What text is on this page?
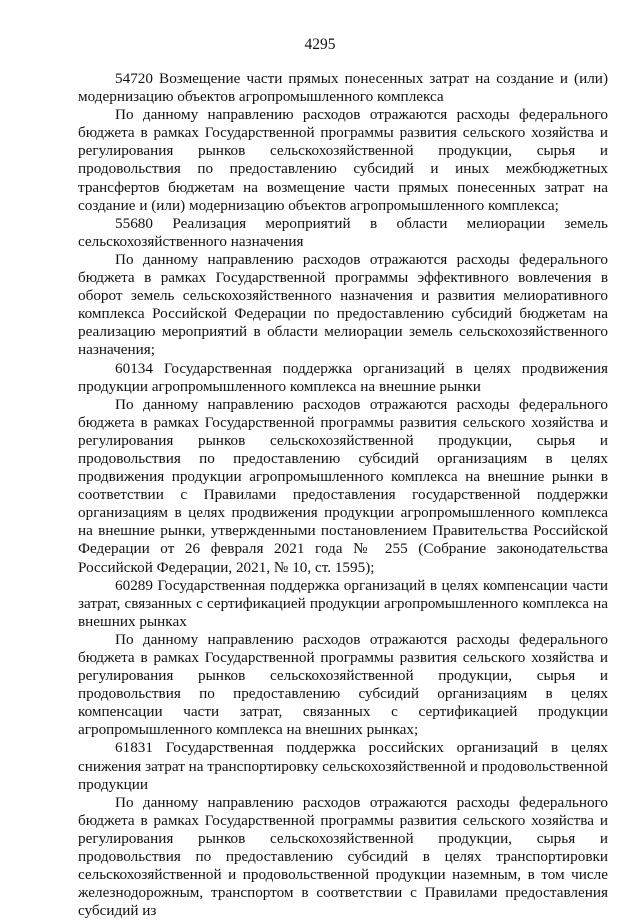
4295

54720 Возмещение части прямых понесенных затрат на создание и (или) модернизацию объектов агропромышленного комплекса

По данному направлению расходов отражаются расходы федерального бюджета в рамках Государственной программы развития сельского хозяйства и регулирования рынков сельскохозяйственной продукции, сырья и продовольствия по предоставлению субсидий и иных межбюджетных трансфертов бюджетам на возмещение части прямых понесенных затрат на создание и (или) модернизацию объектов агропромышленного комплекса;

55680 Реализация мероприятий в области мелиорации земель сельскохозяйственного назначения

По данному направлению расходов отражаются расходы федерального бюджета в рамках Государственной программы эффективного вовлечения в оборот земель сельскохозяйственного назначения и развития мелиоративного комплекса Российской Федерации по предоставлению субсидий бюджетам на реализацию мероприятий в области мелиорации земель сельскохозяйственного назначения;

60134 Государственная поддержка организаций в целях продвижения продукции агропромышленного комплекса на внешние рынки

По данному направлению расходов отражаются расходы федерального бюджета в рамках Государственной программы развития сельского хозяйства и регулирования рынков сельскохозяйственной продукции, сырья и продовольствия по предоставлению субсидий организациям в целях продвижения продукции агропромышленного комплекса на внешние рынки в соответствии с Правилами предоставления государственной поддержки организациям в целях продвижения продукции агропромышленного комплекса на внешние рынки, утвержденными постановлением Правительства Российской Федерации от 26 февраля 2021 года № 255 (Собрание законодательства Российской Федерации, 2021, № 10, ст. 1595);

60289 Государственная поддержка организаций в целях компенсации части затрат, связанных с сертификацией продукции агропромышленного комплекса на внешних рынках

По данному направлению расходов отражаются расходы федерального бюджета в рамках Государственной программы развития сельского хозяйства и регулирования рынков сельскохозяйственной продукции, сырья и продовольствия по предоставлению субсидий организациям в целях компенсации части затрат, связанных с сертификацией продукции агропромышленного комплекса на внешних рынках;

61831 Государственная поддержка российских организаций в целях снижения затрат на транспортировку сельскохозяйственной и продовольственной продукции

По данному направлению расходов отражаются расходы федерального бюджета в рамках Государственной программы развития сельского хозяйства и регулирования рынков сельскохозяйственной продукции, сырья и продовольствия по предоставлению субсидий в целях транспортировки сельскохозяйственной и продовольственной продукции наземным, в том числе железнодорожным, транспортом в соответствии с Правилами предоставления субсидий из
